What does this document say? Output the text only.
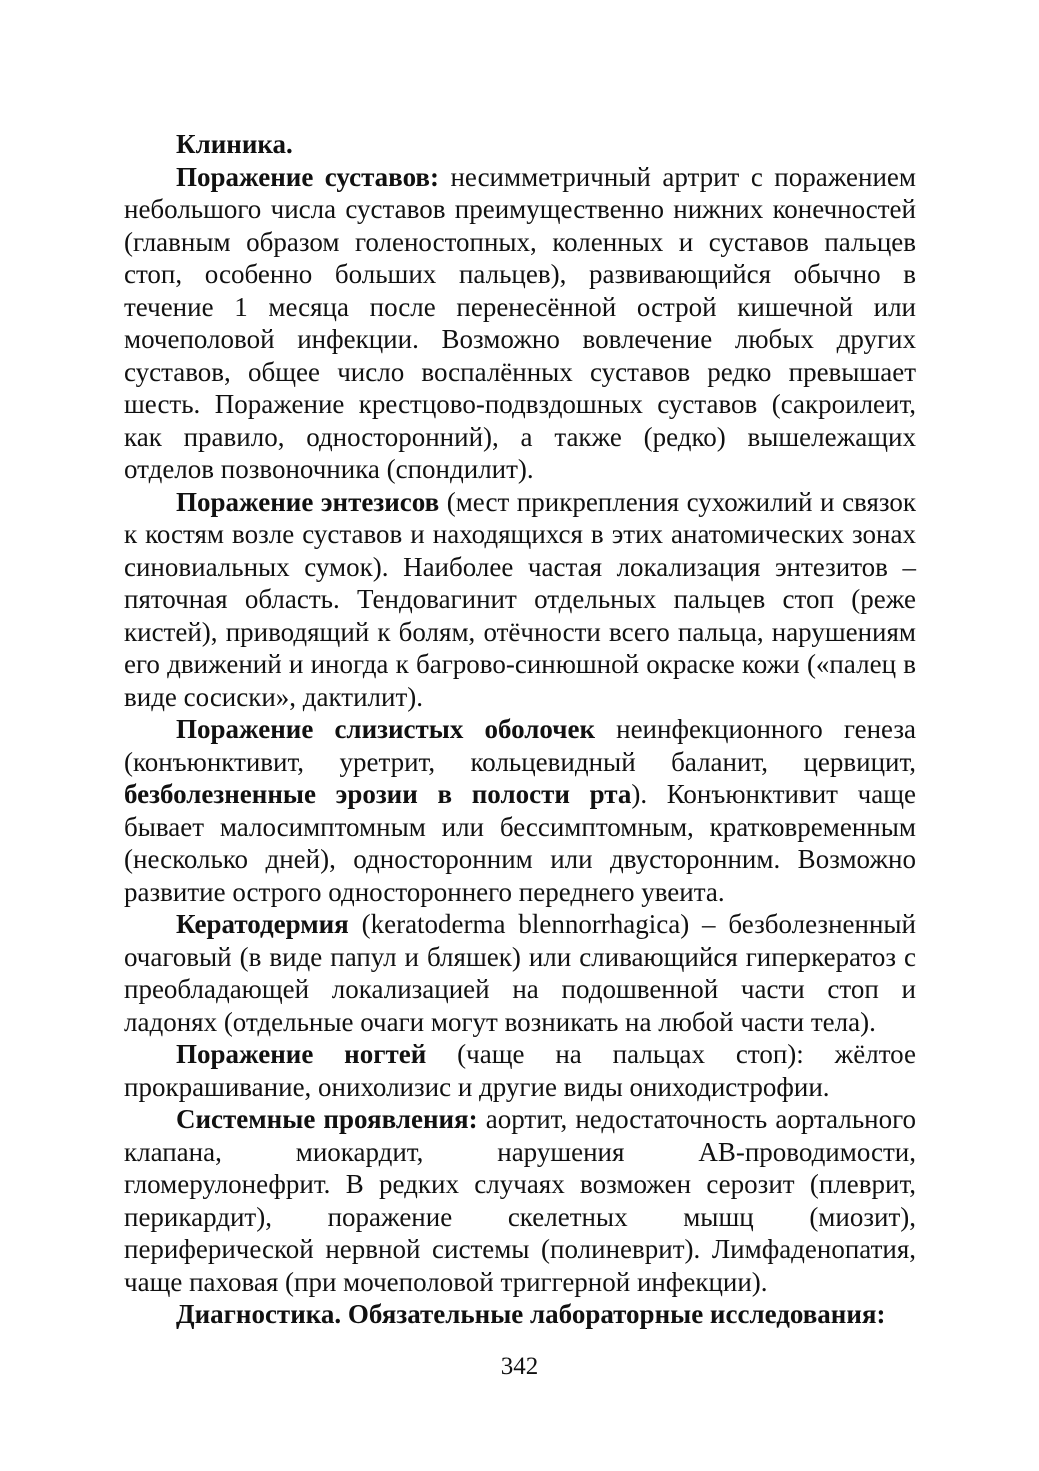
Клиника.

Поражение суставов: несимметричный артрит с поражением небольшого числа суставов преимущественно нижних конечностей (главным образом голеностопных, коленных и суставов пальцев стоп, особенно больших пальцев), развивающийся обычно в течение 1 месяца после перенесённой острой кишечной или мочеполовой инфекции. Возможно вовлечение любых других суставов, общее число воспалённых суставов редко превышает шесть. Поражение крестцово-подвздошных суставов (сакроилеит, как правило, односторонний), а также (редко) вышележащих отделов позвоночника (спондилит).

Поражение энтезисов (мест прикрепления сухожилий и связок к костям возле суставов и находящихся в этих анатомических зонах синовиальных сумок). Наиболее частая локализация энтезитов – пяточная область. Тендовагинит отдельных пальцев стоп (реже кистей), приводящий к болям, отёчности всего пальца, нарушениям его движений и иногда к багрово-синюшной окраске кожи («палец в виде сосиски», дактилит).

Поражение слизистых оболочек неинфекционного генеза (конъюнктивит, уретрит, кольцевидный баланит, цервицит, безболезненные эрозии в полости рта). Конъюнктивит чаще бывает малосимптомным или бессимптомным, кратковременным (несколько дней), односторонним или двусторонним. Возможно развитие острого одностороннего переднего увеита.

Кератодермия (keratoderma blennorrhagica) – безболезненный очаговый (в виде папул и бляшек) или сливающийся гиперкератоз с преобладающей локализацией на подошвенной части стоп и ладонях (отдельные очаги могут возникать на любой части тела).

Поражение ногтей (чаще на пальцах стоп): жёлтое прокрашивание, онихолизис и другие виды ониходистрофии.

Системные проявления: аортит, недостаточность аортального клапана, миокардит, нарушения АВ-проводимости, гломерулонефрит. В редких случаях возможен серозит (плеврит, перикардит), поражение скелетных мышц (миозит), периферической нервной системы (полиневрит). Лимфаденопатия, чаще паховая (при мочеполовой триггерной инфекции).

Диагностика. Обязательные лабораторные исследования:

342
